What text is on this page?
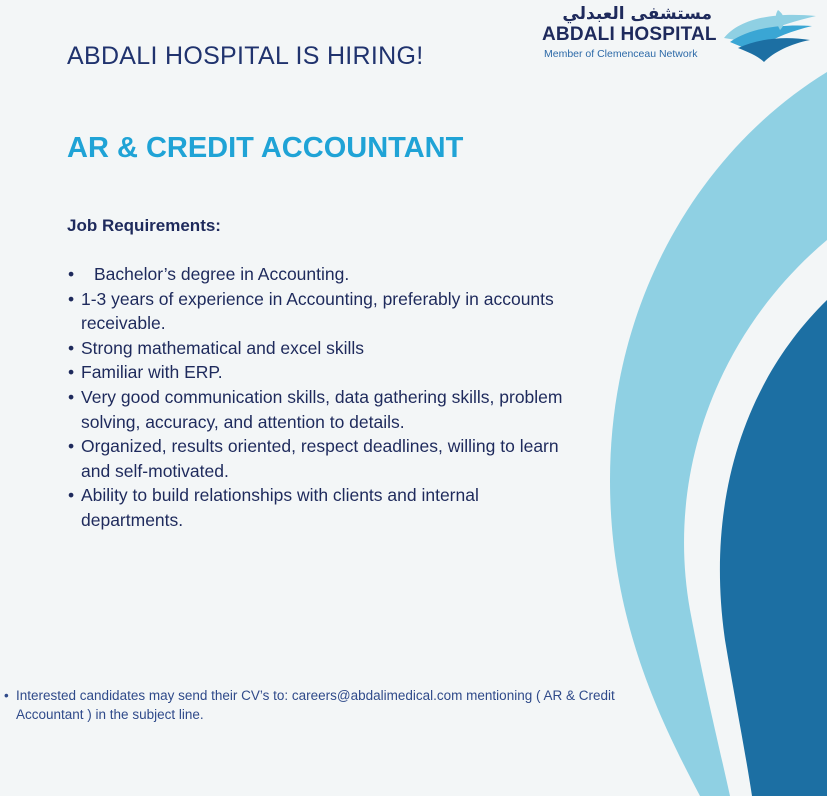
مستشفى العبدلي
ABDALI HOSPITAL
Member of Clemenceau Network
ABDALI HOSPITAL IS HIRING!
AR & CREDIT ACCOUNTANT
Job Requirements:
• Bachelor’s degree in Accounting.
• 1-3 years of experience in Accounting, preferably in accounts receivable.
• Strong mathematical and excel skills
• Familiar with ERP.
• Very good communication skills, data gathering skills, problem solving, accuracy, and attention to details.
• Organized, results oriented, respect deadlines, willing to learn and self-motivated.
• Ability to build relationships with clients and internal departments.
• Interested candidates may send their CV’s to: careers@abdalimedical.com mentioning ( AR & Credit
Accountant ) in the subject line.
